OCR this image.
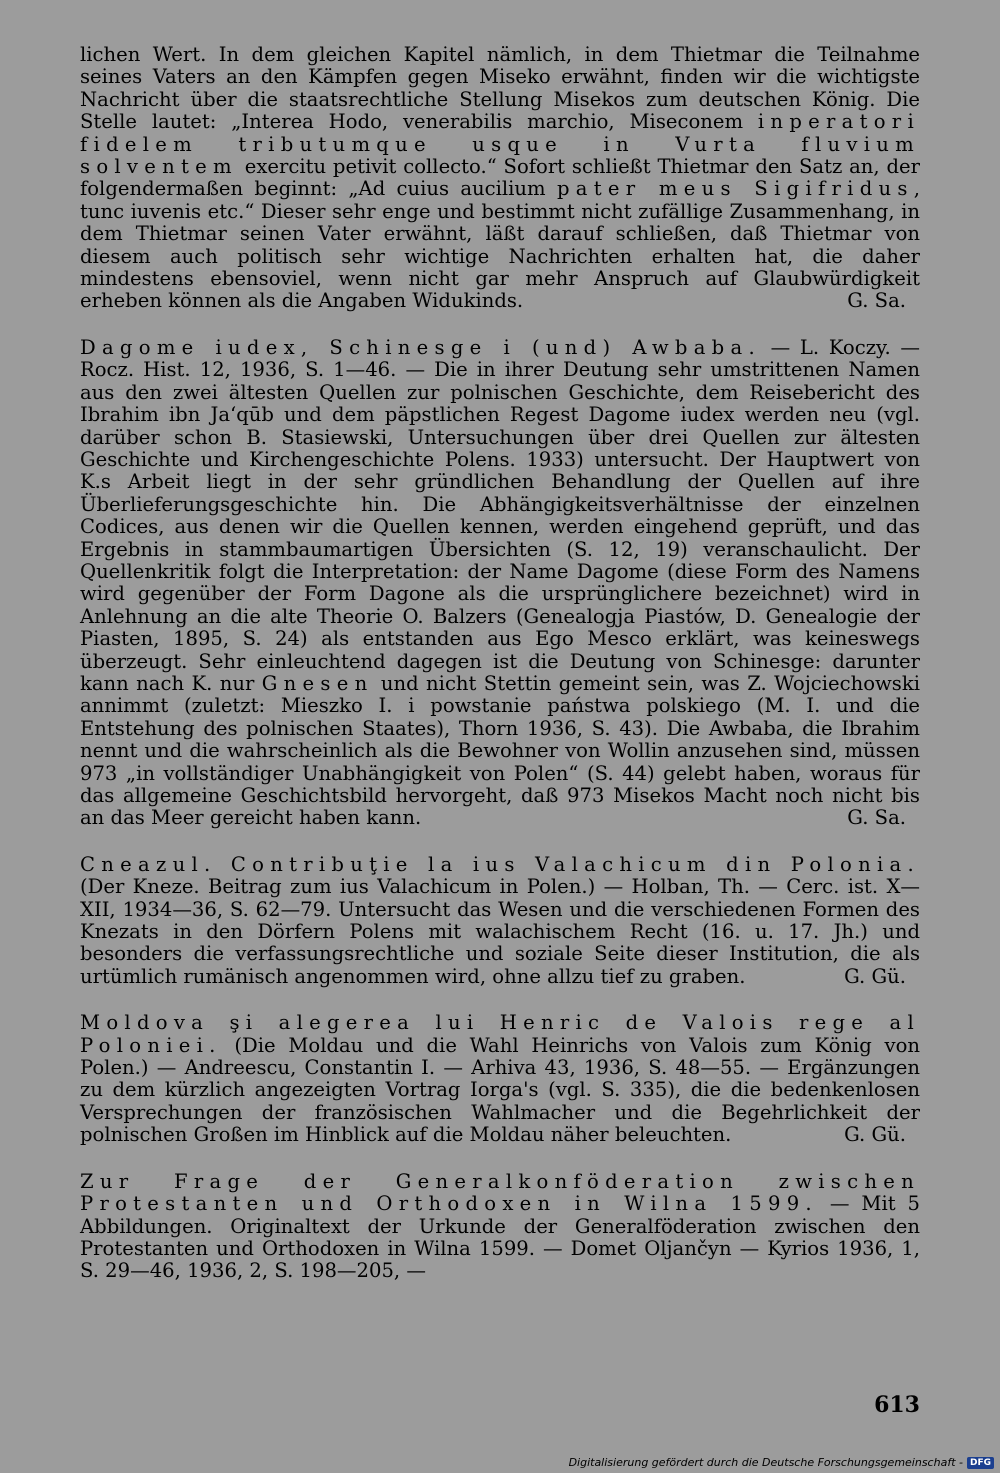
lichen Wert. In dem gleichen Kapitel nämlich, in dem Thietmar die Teilnahme seines Vaters an den Kämpfen gegen Miseko erwähnt, finden wir die wichtigste Nachricht über die staatsrechtliche Stellung Misekos zum deutschen König. Die Stelle lautet: „Interea Hodo, venerabilis marchio, Miseconem inperatori fidelem tributumque usque in Vurta fluvium solventem exercitu petivit collecto.“ Sofort schließt Thietmar den Satz an, der folgendermaßen beginnt: „Ad cuius aucilium pater meus Sigifridus, tunc iuvenis etc.“ Dieser sehr enge und bestimmt nicht zufällige Zusammenhang, in dem Thietmar seinen Vater erwähnt, läßt darauf schließen, daß Thietmar von diesem auch politisch sehr wichtige Nachrichten erhalten hat, die daher mindestens ebensoviel, wenn nicht gar mehr Anspruch auf Glaubwürdigkeit erheben können als die Angaben Widukinds.	G. Sa.

Dagome iudex, Schinesge i (und) Awbaba. — L. Koczy. — Rocz. Hist. 12, 1936, S. 1—46. — Die in ihrer Deutung sehr umstrittenen Namen aus den zwei ältesten Quellen zur polnischen Geschichte, dem Reisebericht des Ibrahim ibn Ja‘qūb und dem päpstlichen Regest Dagome iudex werden neu (vgl. darüber schon B. Stasiewski, Untersuchungen über drei Quellen zur ältesten Geschichte und Kirchengeschichte Polens. 1933) untersucht. Der Hauptwert von K.s Arbeit liegt in der sehr gründlichen Behandlung der Quellen auf ihre Überlieferungsgeschichte hin. Die Abhängigkeitsverhältnisse der einzelnen Codices, aus denen wir die Quellen kennen, werden eingehend geprüft, und das Ergebnis in stammbaumartigen Übersichten (S. 12, 19) veranschaulicht. Der Quellenkritik folgt die Interpretation: der Name Dagome (diese Form des Namens wird gegenüber der Form Dagone als die ursprünglichere bezeichnet) wird in Anlehnung an die alte Theorie O. Balzers (Genealogja Piastów, D. Genealogie der Piasten, 1895, S. 24) als entstanden aus Ego Mesco erklärt, was keineswegs überzeugt. Sehr einleuchtend dagegen ist die Deutung von Schinesge: darunter kann nach K. nur Gnesen und nicht Stettin gemeint sein, was Z. Wojciechowski annimmt (zuletzt: Mieszko I. i powstanie państwa polskiego (M. I. und die Entstehung des polnischen Staates), Thorn 1936, S. 43). Die Awbaba, die Ibrahim nennt und die wahrscheinlich als die Bewohner von Wollin anzusehen sind, müssen 973 „in vollständiger Unabhängigkeit von Polen“ (S. 44) gelebt haben, woraus für das allgemeine Geschichtsbild hervorgeht, daß 973 Misekos Macht noch nicht bis an das Meer gereicht haben kann.	G. Sa.

Cneazul. Contribuţie la ius Valachicum din Polonia. (Der Kneze. Beitrag zum ius Valachicum in Polen.) — Holban, Th. — Cerc. ist. X—XII, 1934—36, S. 62—79. Untersucht das Wesen und die verschiedenen Formen des Knezats in den Dörfern Polens mit walachischem Recht (16. u. 17. Jh.) und besonders die verfassungsrechtliche und soziale Seite dieser Institution, die als urtümlich rumänisch angenommen wird, ohne allzu tief zu graben.	G. Gü.

Moldova şi alegerea lui Henric de Valois rege al Poloniei. (Die Moldau und die Wahl Heinrichs von Valois zum König von Polen.) — Andreescu, Constantin I. — Arhiva 43, 1936, S. 48—55. — Ergänzungen zu dem kürzlich angezeigten Vortrag Iorga's (vgl. S. 335), die die bedenkenlosen Versprechungen der französischen Wahlmacher und die Begehrlichkeit der polnischen Großen im Hinblick auf die Moldau näher beleuchten.	G. Gü.

Zur Frage der Generalkonföderation zwischen Protestanten und Orthodoxen in Wilna 1599. — Mit 5 Abbildungen. Originaltext der Urkunde der Generalföderation zwischen den Protestanten und Orthodoxen in Wilna 1599. — Domet Oljančyn — Kyrios 1936, 1, S. 29—46, 1936, 2, S. 198—205, —

613
Digitalisierung gefördert durch die Deutsche Forschungsgemeinschaft - DFG
